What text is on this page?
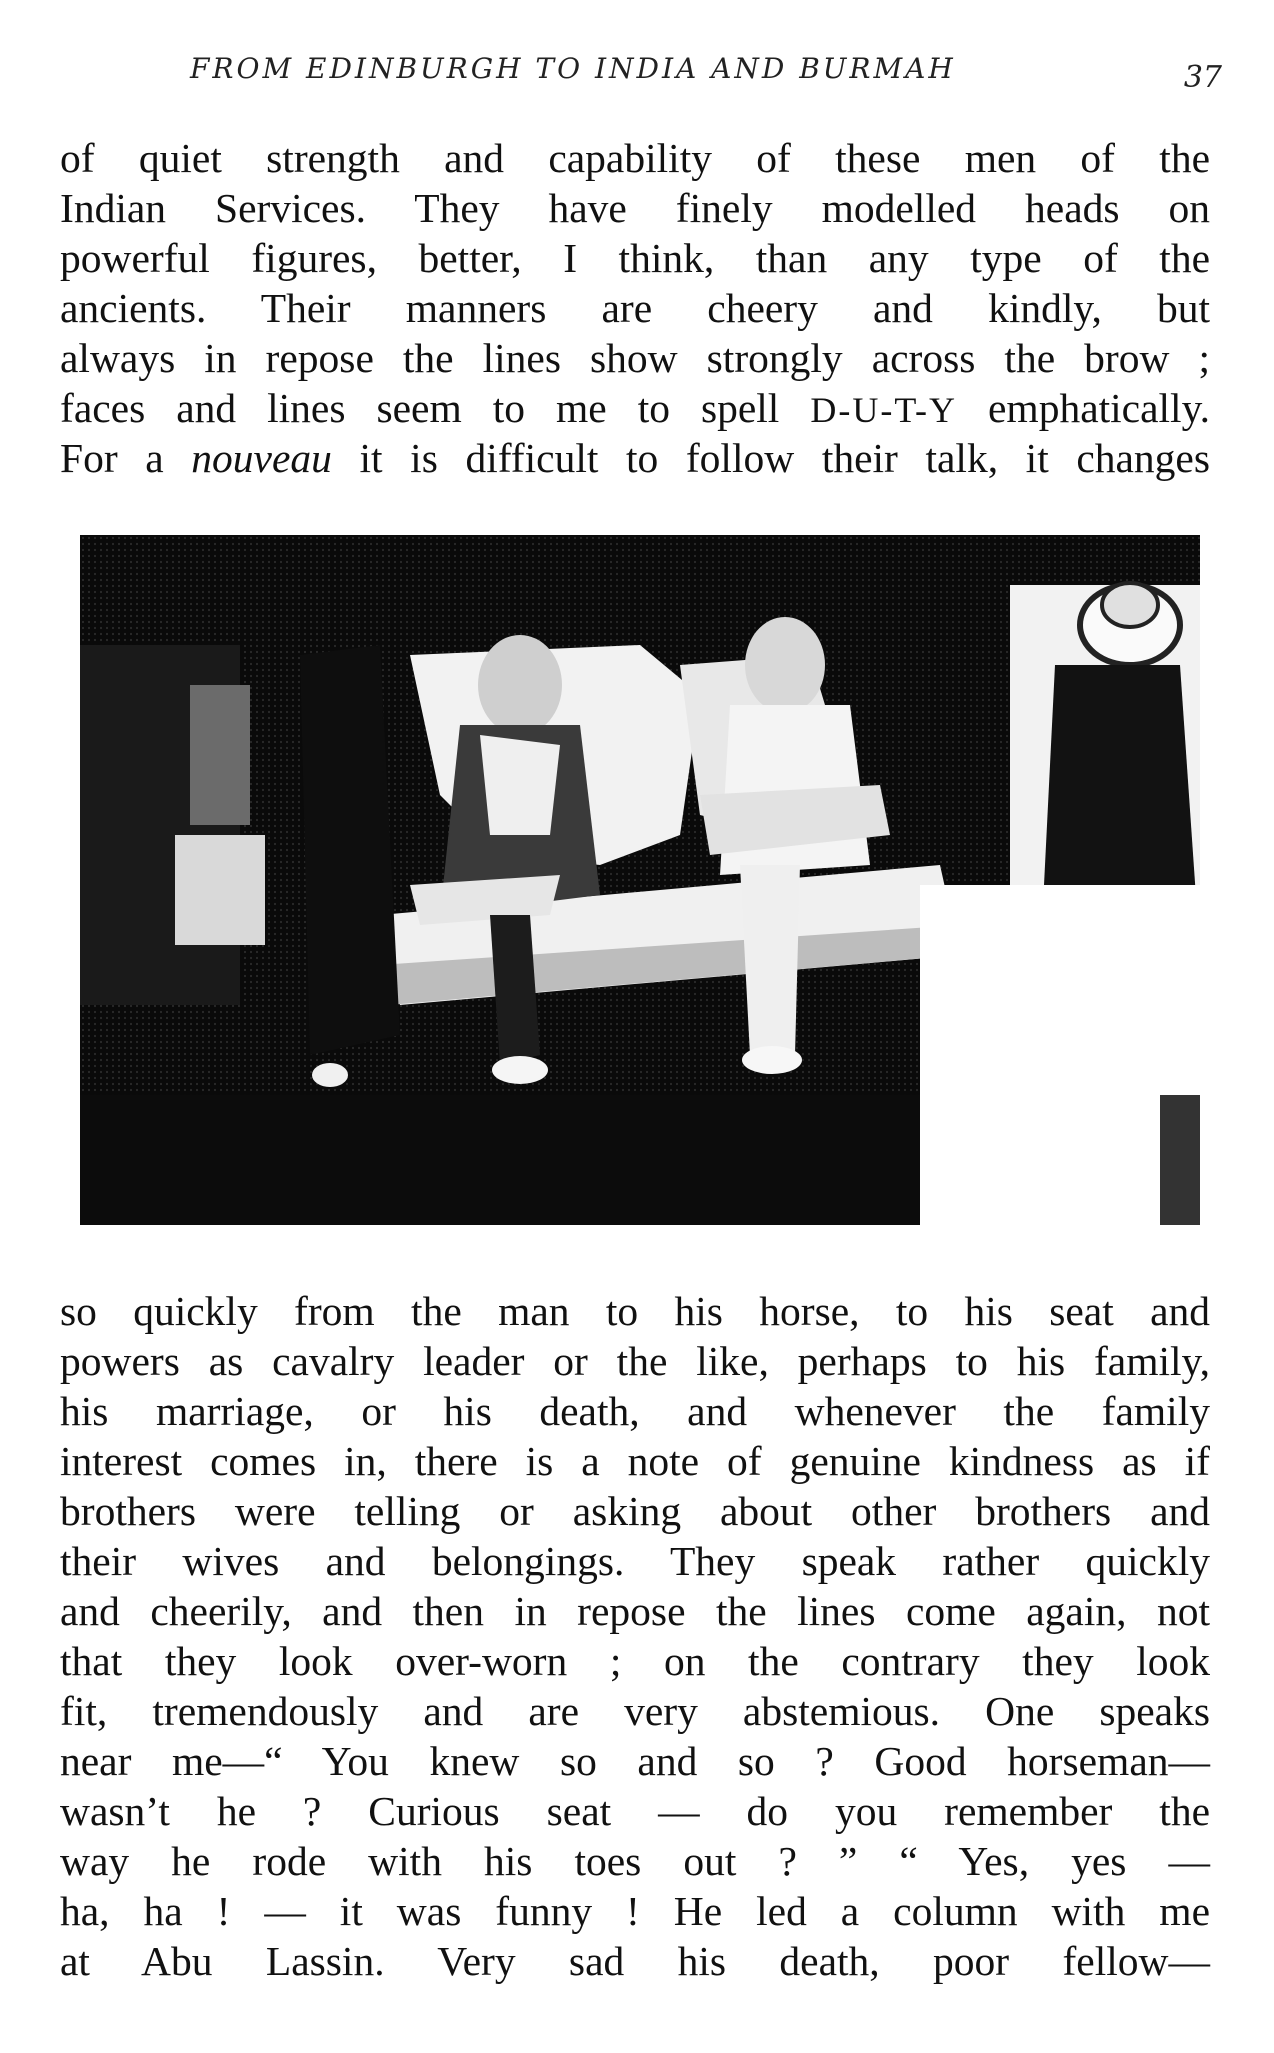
FROM EDINBURGH TO INDIA AND BURMAH	37
of quiet strength and capability of these men of the
Indian Services. They have finely modelled heads on
powerful figures, better, I think, than any type of the
ancients. Their manners are cheery and kindly, but
always in repose the lines show strongly across the brow ;
faces and lines seem to me to spell D-U-T-Y emphatically.
For a nouveau it is difficult to follow their talk, it changes
so quickly from the man to his horse, to his seat and
powers as cavalry leader or the like, perhaps to his family,
his marriage, or his death, and whenever the family
interest comes in, there is a note of genuine kindness as if
brothers were telling or asking about other brothers and
their wives and belongings. They speak rather quickly
and cheerily, and then in repose the lines come again, not
that they look over-worn ; on the contrary they look
fit, tremendously and are very abstemious. One speaks
near me—“ You knew so and so ? Good horseman—
wasn’t he ? Curious seat — do you remember the
way he rode with his toes out ? ” “ Yes, yes —
ha, ha ! — it was funny ! He led a column with me
at Abu Lassin. Very sad his death, poor fellow—
